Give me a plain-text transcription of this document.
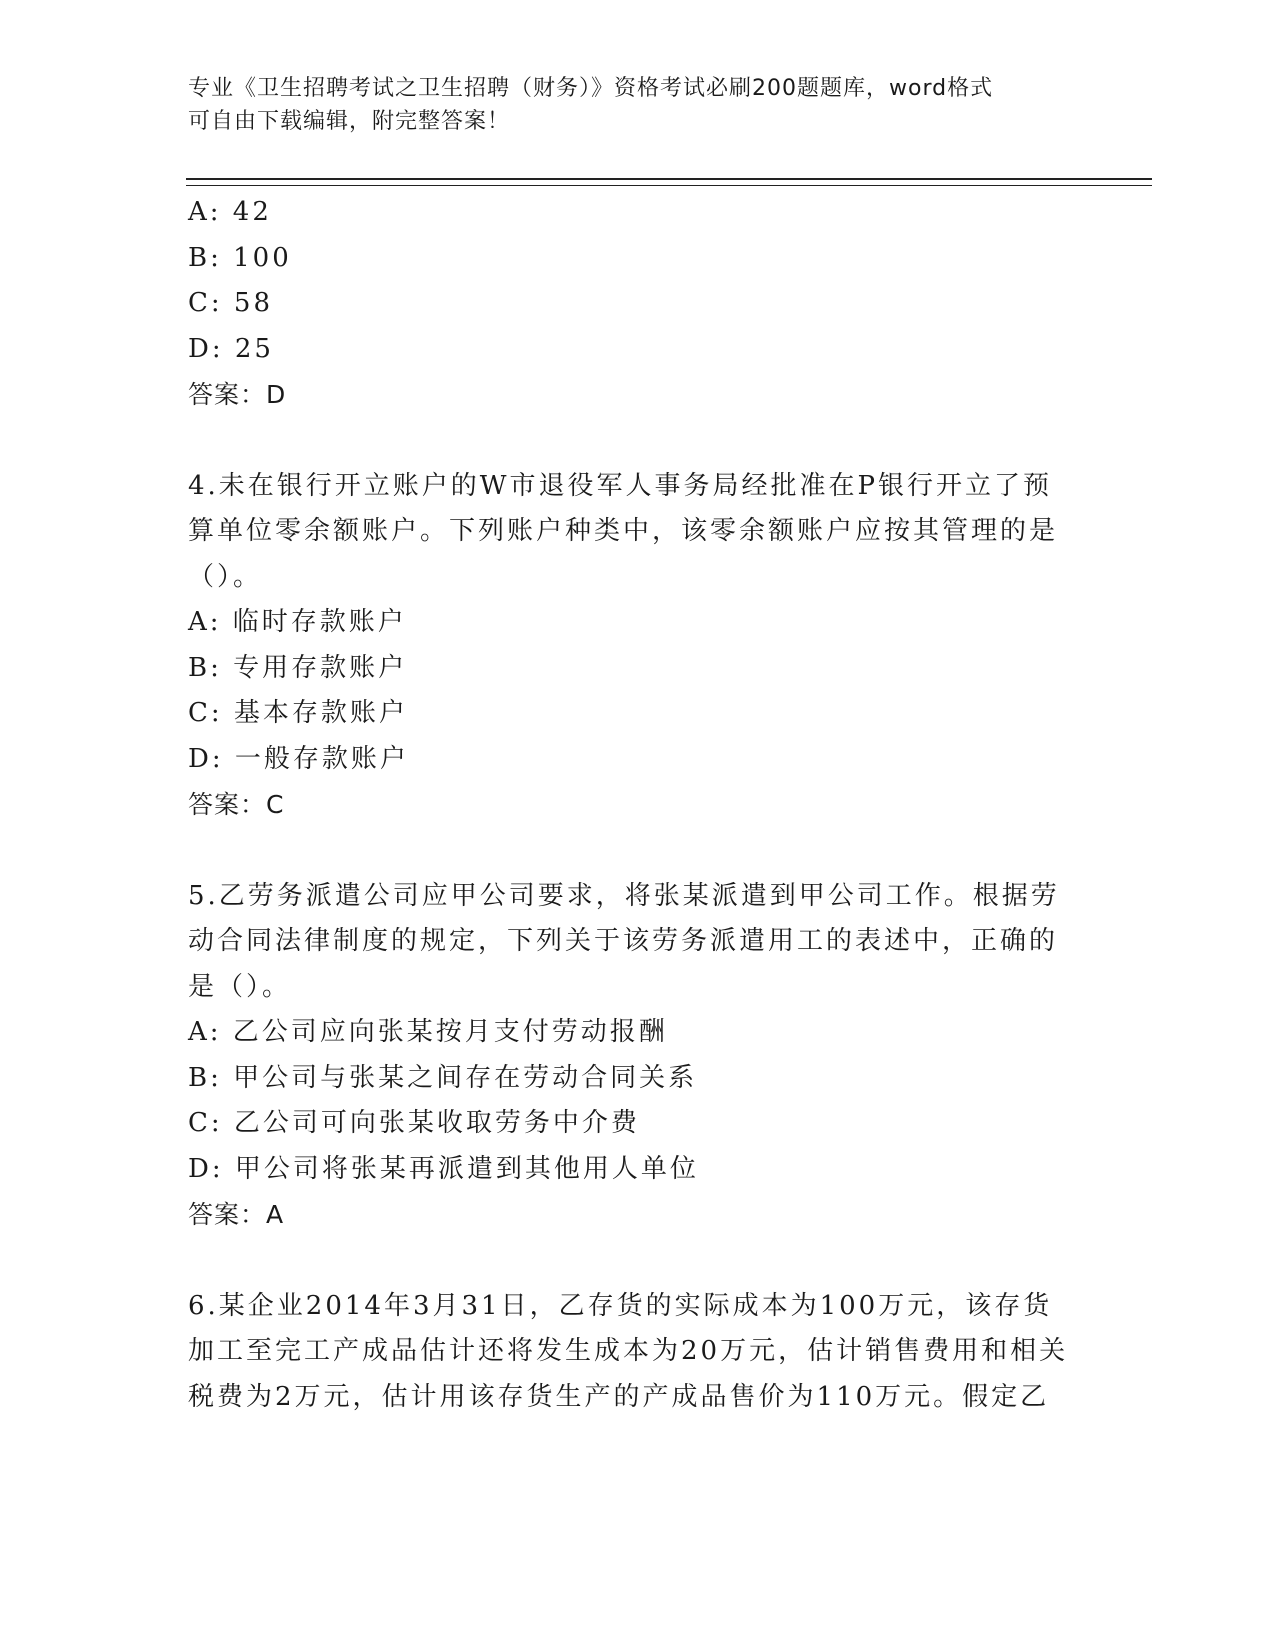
专业《卫生招聘考试之卫生招聘（财务）》资格考试必刷200题题库，word格式
可自由下载编辑，附完整答案！
A: 42
B: 100
C: 58
D: 25
答案：D
4.未在银行开立账户的W市退役军人事务局经批准在P银行开立了预
算单位零余额账户。下列账户种类中，该零余额账户应按其管理的是
（）。
A: 临时存款账户
B: 专用存款账户
C: 基本存款账户
D: 一般存款账户
答案：C
5.乙劳务派遣公司应甲公司要求，将张某派遣到甲公司工作。根据劳
动合同法律制度的规定，下列关于该劳务派遣用工的表述中，正确的
是（）。
A: 乙公司应向张某按月支付劳动报酬
B: 甲公司与张某之间存在劳动合同关系
C: 乙公司可向张某收取劳务中介费
D: 甲公司将张某再派遣到其他用人单位
答案：A
6.某企业2014年3月31日，乙存货的实际成本为100万元，该存货
加工至完工产成品估计还将发生成本为20万元，估计销售费用和相关
税费为2万元，估计用该存货生产的产成品售价为110万元。假定乙
